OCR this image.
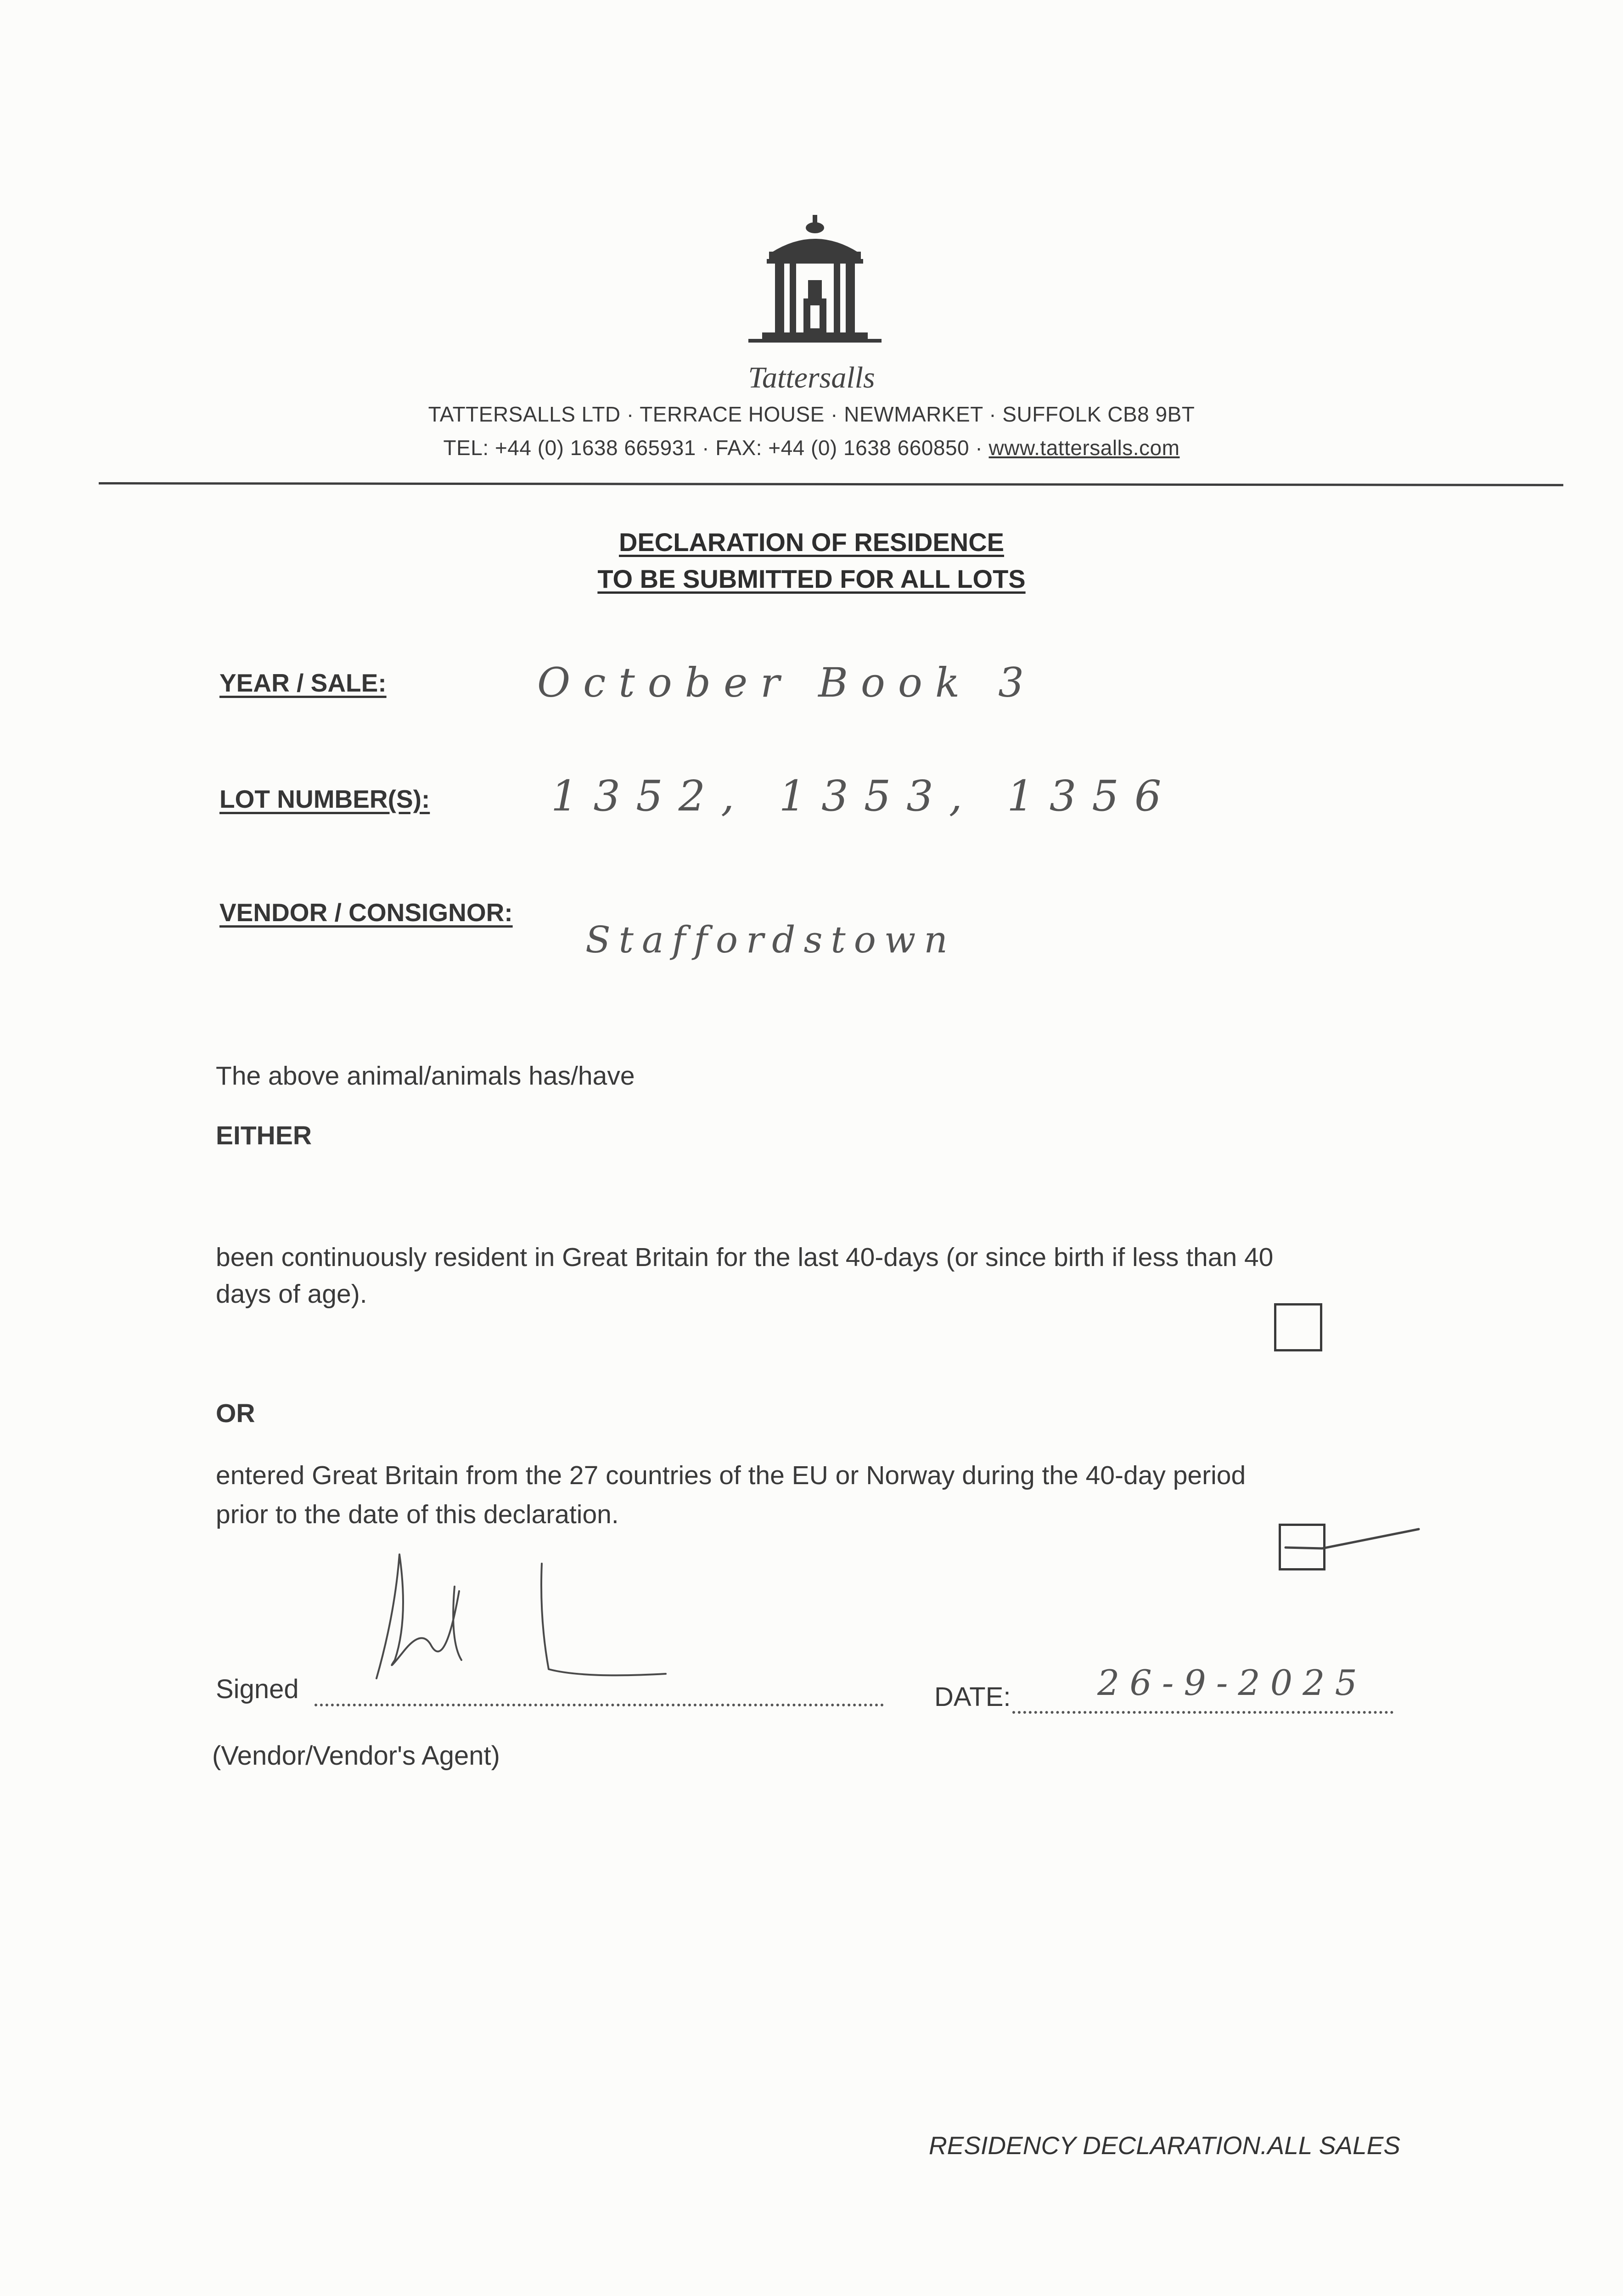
Tattersalls
TATTERSALLS LTD · TERRACE HOUSE · NEWMARKET · SUFFOLK CB8 9BT
TEL: +44 (0) 1638 665931 · FAX: +44 (0) 1638 660850 · www.tattersalls.com
DECLARATION OF RESIDENCE
TO BE SUBMITTED FOR ALL LOTS
YEAR / SALE:	October Book 3
LOT NUMBER(S):	1352, 1353, 1356
VENDOR / CONSIGNOR:
Staffordstown
The above animal/animals has/have
EITHER
been continuously resident in Great Britain for the last 40-days (or since birth if less than 40
days of age).
OR
entered Great Britain from the 27 countries of the EU or Norway during the 40-day period
prior to the date of this declaration.
Signed	DATE: 26-9-2025
(Vendor/Vendor's Agent)
RESIDENCY DECLARATION.ALL SALES
